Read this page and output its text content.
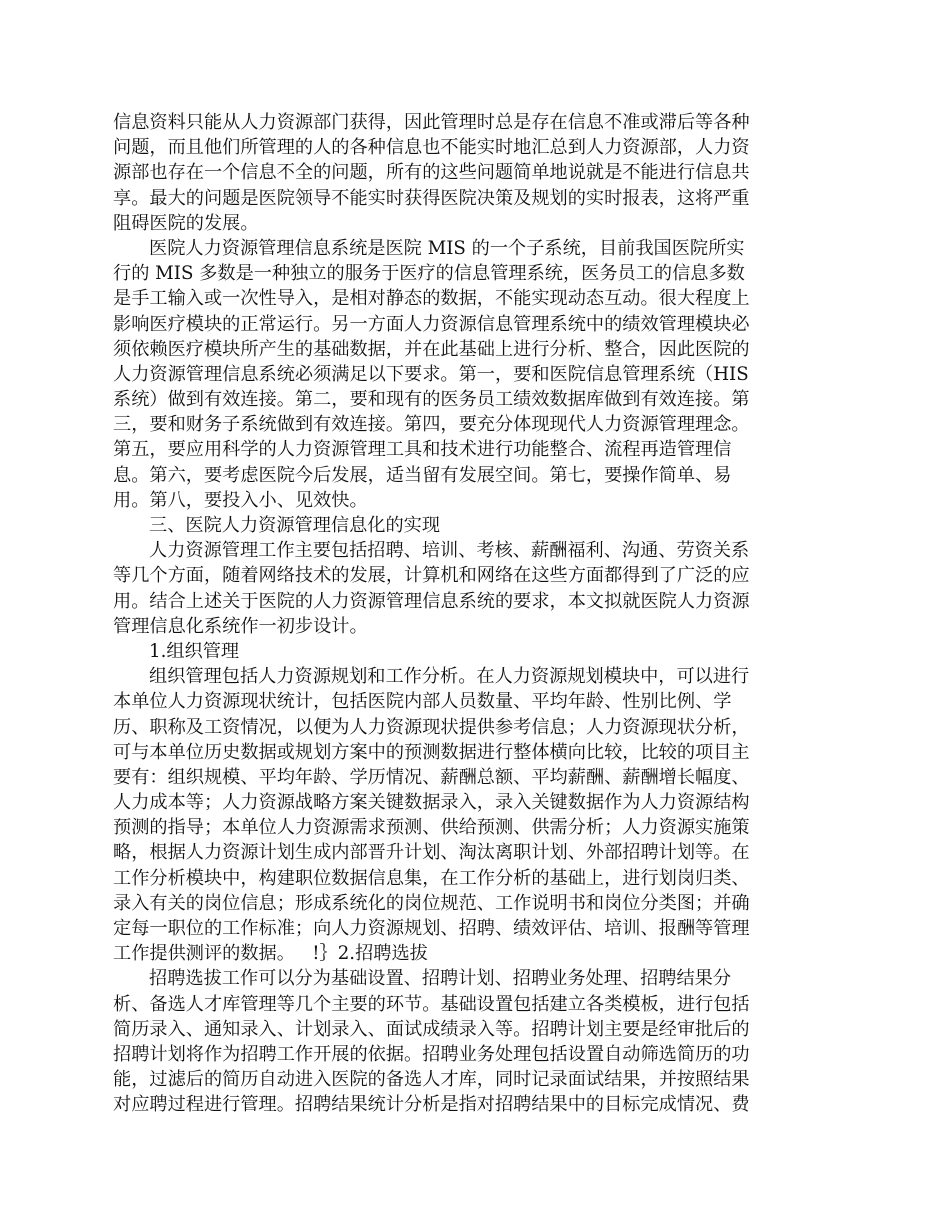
信息资料只能从人力资源部门获得，因此管理时总是存在信息不准或滞后等各种
问题，而且他们所管理的人的各种信息也不能实时地汇总到人力资源部，人力资
源部也存在一个信息不全的问题，所有的这些问题简单地说就是不能进行信息共
享。最大的问题是医院领导不能实时获得医院决策及规划的实时报表，这将严重
阻碍医院的发展。
医院人力资源管理信息系统是医院 MIS 的一个子系统，目前我国医院所实
行的 MIS 多数是一种独立的服务于医疗的信息管理系统，医务员工的信息多数
是手工输入或一次性导入，是相对静态的数据，不能实现动态互动。很大程度上
影响医疗模块的正常运行。另一方面人力资源信息管理系统中的绩效管理模块必
须依赖医疗模块所产生的基础数据，并在此基础上进行分析、整合，因此医院的
人力资源管理信息系统必须满足以下要求。第一，要和医院信息管理系统（HIS
系统）做到有效连接。第二，要和现有的医务员工绩效数据库做到有效连接。第
三，要和财务子系统做到有效连接。第四，要充分体现现代人力资源管理理念。
第五，要应用科学的人力资源管理工具和技术进行功能整合、流程再造管理信
息。第六，要考虑医院今后发展，适当留有发展空间。第七，要操作简单、易
用。第八，要投入小、见效快。
三、医院人力资源管理信息化的实现
人力资源管理工作主要包括招聘、培训、考核、薪酬福利、沟通、劳资关系
等几个方面，随着网络技术的发展，计算机和网络在这些方面都得到了广泛的应
用。结合上述关于医院的人力资源管理信息系统的要求，本文拟就医院人力资源
管理信息化系统作一初步设计。
1.组织管理
组织管理包括人力资源规划和工作分析。在人力资源规划模块中，可以进行
本单位人力资源现状统计，包括医院内部人员数量、平均年龄、性别比例、学
历、职称及工资情况，以便为人力资源现状提供参考信息；人力资源现状分析，
可与本单位历史数据或规划方案中的预测数据进行整体横向比较，比较的项目主
要有：组织规模、平均年龄、学历情况、薪酬总额、平均薪酬、薪酬增长幅度、
人力成本等；人力资源战略方案关键数据录入，录入关键数据作为人力资源结构
预测的指导；本单位人力资源需求预测、供给预测、供需分析；人力资源实施策
略，根据人力资源计划生成内部晋升计划、淘汰离职计划、外部招聘计划等。在
工作分析模块中，构建职位数据信息集，在工作分析的基础上，进行划岗归类、
录入有关的岗位信息；形成系统化的岗位规范、工作说明书和岗位分类图；并确
定每一职位的工作标准；向人力资源规划、招聘、绩效评估、培训、报酬等管理
工作提供测评的数据。   !｝2.招聘选拔
招聘选拔工作可以分为基础设置、招聘计划、招聘业务处理、招聘结果分
析、备选人才库管理等几个主要的环节。基础设置包括建立各类模板，进行包括
简历录入、通知录入、计划录入、面试成绩录入等。招聘计划主要是经审批后的
招聘计划将作为招聘工作开展的依据。招聘业务处理包括设置自动筛选简历的功
能，过滤后的简历自动进入医院的备选人才库，同时记录面试结果，并按照结果
对应聘过程进行管理。招聘结果统计分析是指对招聘结果中的目标完成情况、费
